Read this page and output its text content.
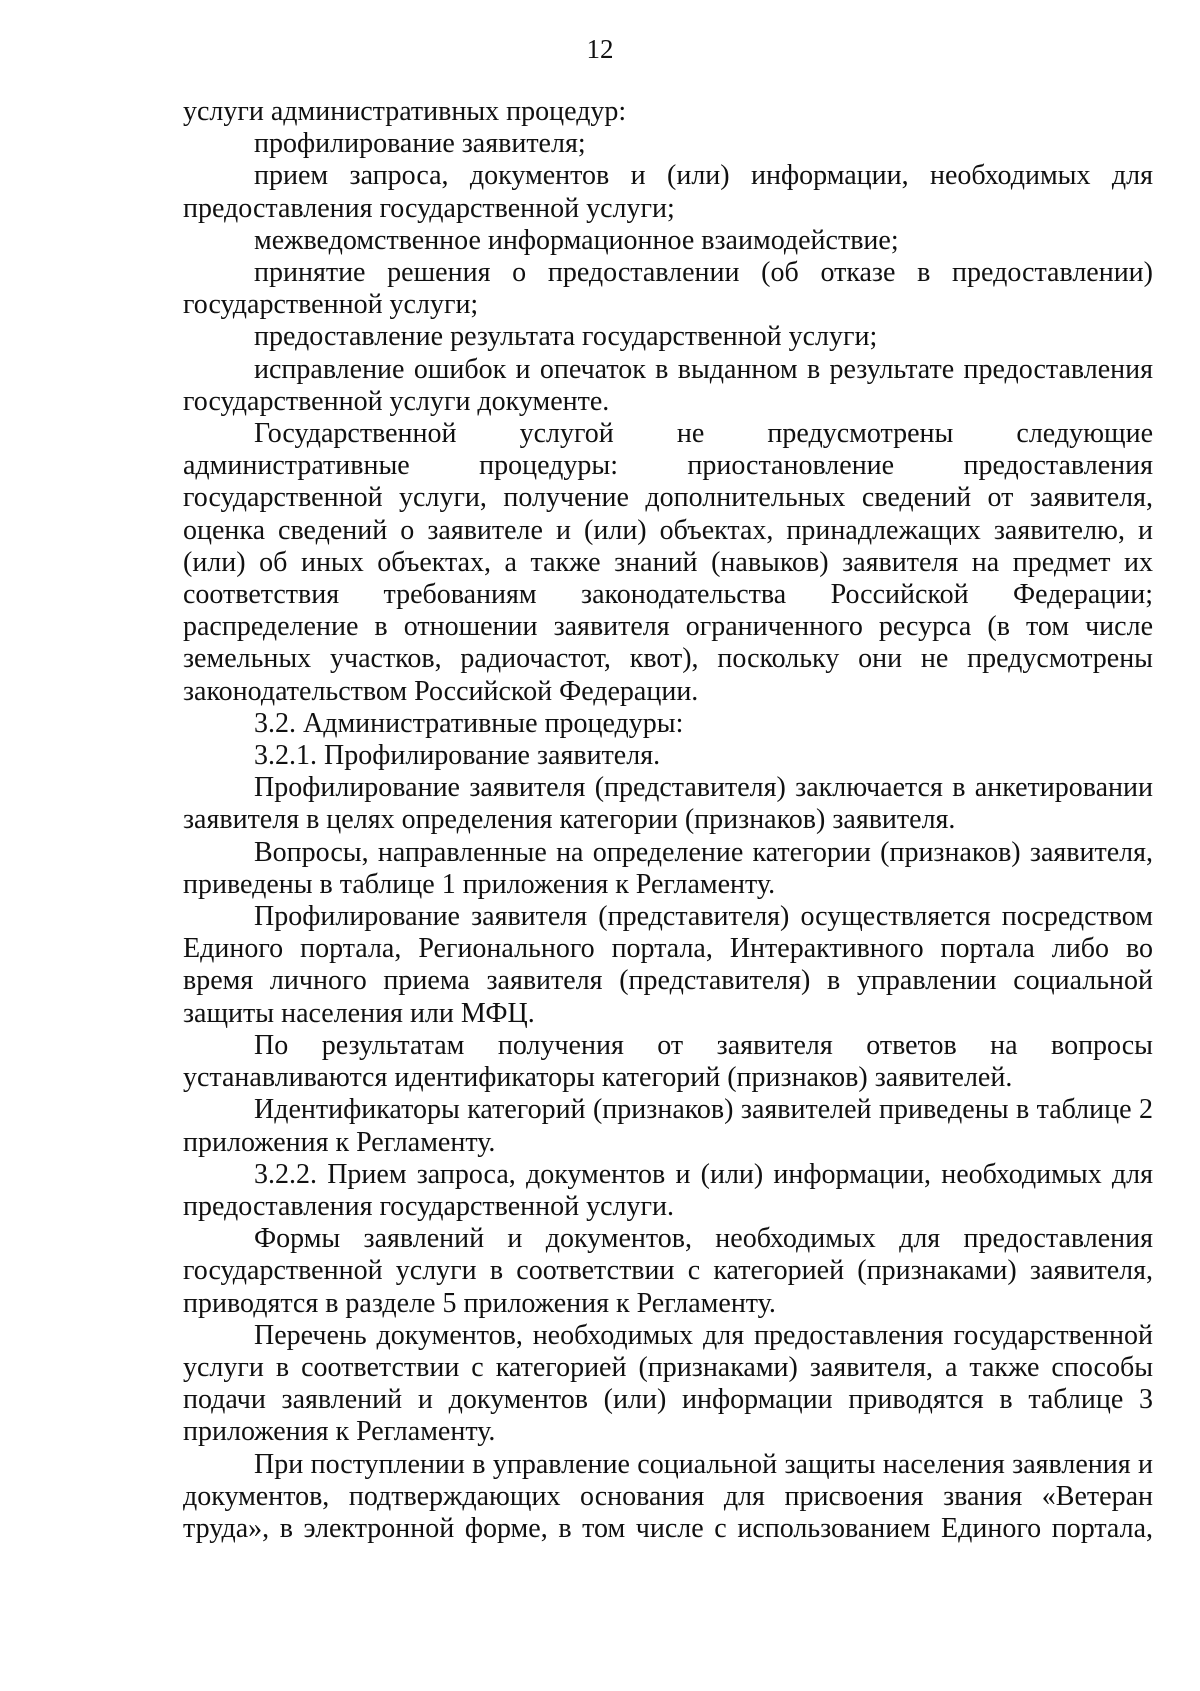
12

услуги административных процедур:

профилирование заявителя;

прием запроса, документов и (или) информации, необходимых для предоставления государственной услуги;

межведомственное информационное взаимодействие;

принятие решения о предоставлении (об отказе в предоставлении) государственной услуги;

предоставление результата государственной услуги;

исправление ошибок и опечаток в выданном в результате предоставления государственной услуги документе.

Государственной услугой не предусмотрены следующие административные процедуры: приостановление предоставления государственной услуги, получение дополнительных сведений от заявителя, оценка сведений о заявителе и (или) объектах, принадлежащих заявителю, и (или) об иных объектах, а также знаний (навыков) заявителя на предмет их соответствия требованиям законодательства Российской Федерации; распределение в отношении заявителя ограниченного ресурса (в том числе земельных участков, радиочастот, квот), поскольку они не предусмотрены законодательством Российской Федерации.

3.2. Административные процедуры:

3.2.1. Профилирование заявителя.

Профилирование заявителя (представителя) заключается в анкетировании заявителя в целях определения категории (признаков) заявителя.

Вопросы, направленные на определение категории (признаков) заявителя, приведены в таблице 1 приложения к Регламенту.

Профилирование заявителя (представителя) осуществляется посредством Единого портала, Регионального портала, Интерактивного портала либо во время личного приема заявителя (представителя) в управлении социальной защиты населения или МФЦ.

По результатам получения от заявителя ответов на вопросы устанавливаются идентификаторы категорий (признаков) заявителей.

Идентификаторы категорий (признаков) заявителей приведены в таблице 2 приложения к Регламенту.

3.2.2. Прием запроса, документов и (или) информации, необходимых для предоставления государственной услуги.

Формы заявлений и документов, необходимых для предоставления государственной услуги в соответствии с категорией (признаками) заявителя, приводятся в разделе 5 приложения к Регламенту.

Перечень документов, необходимых для предоставления государственной услуги в соответствии с категорией (признаками) заявителя, а также способы подачи заявлений и документов (или) информации приводятся в таблице 3 приложения к Регламенту.

При поступлении в управление социальной защиты населения заявления и документов, подтверждающих основания для присвоения звания «Ветеран труда», в электронной форме, в том числе с использованием Единого портала,
